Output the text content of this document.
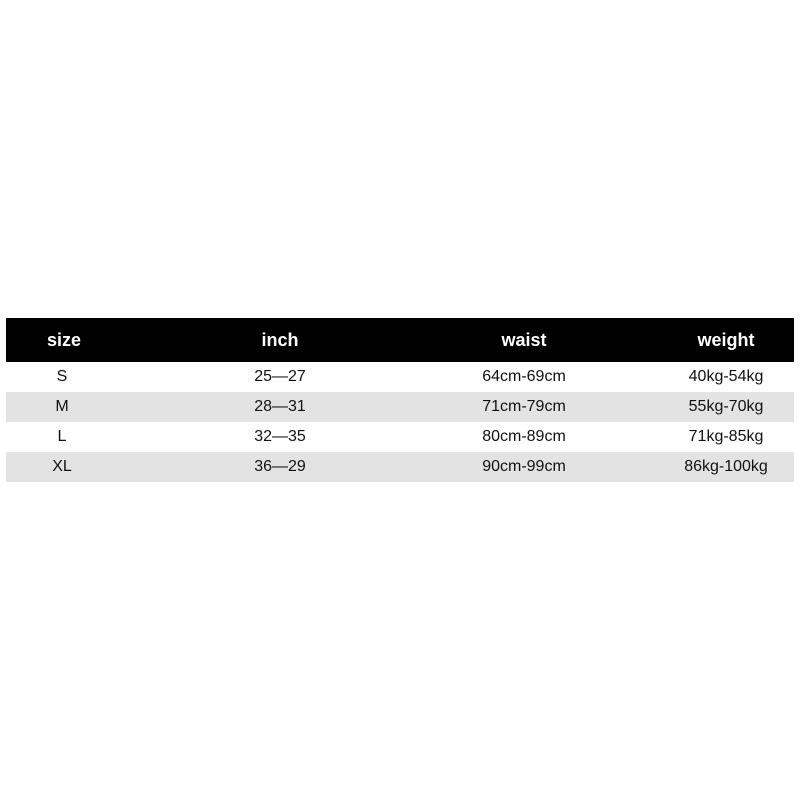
size	inch	waist	weight
S	25—27	64cm-69cm	40kg-54kg
M	28—31	71cm-79cm	55kg-70kg
L	32—35	80cm-89cm	71kg-85kg
XL	36—29	90cm-99cm	86kg-100kg
